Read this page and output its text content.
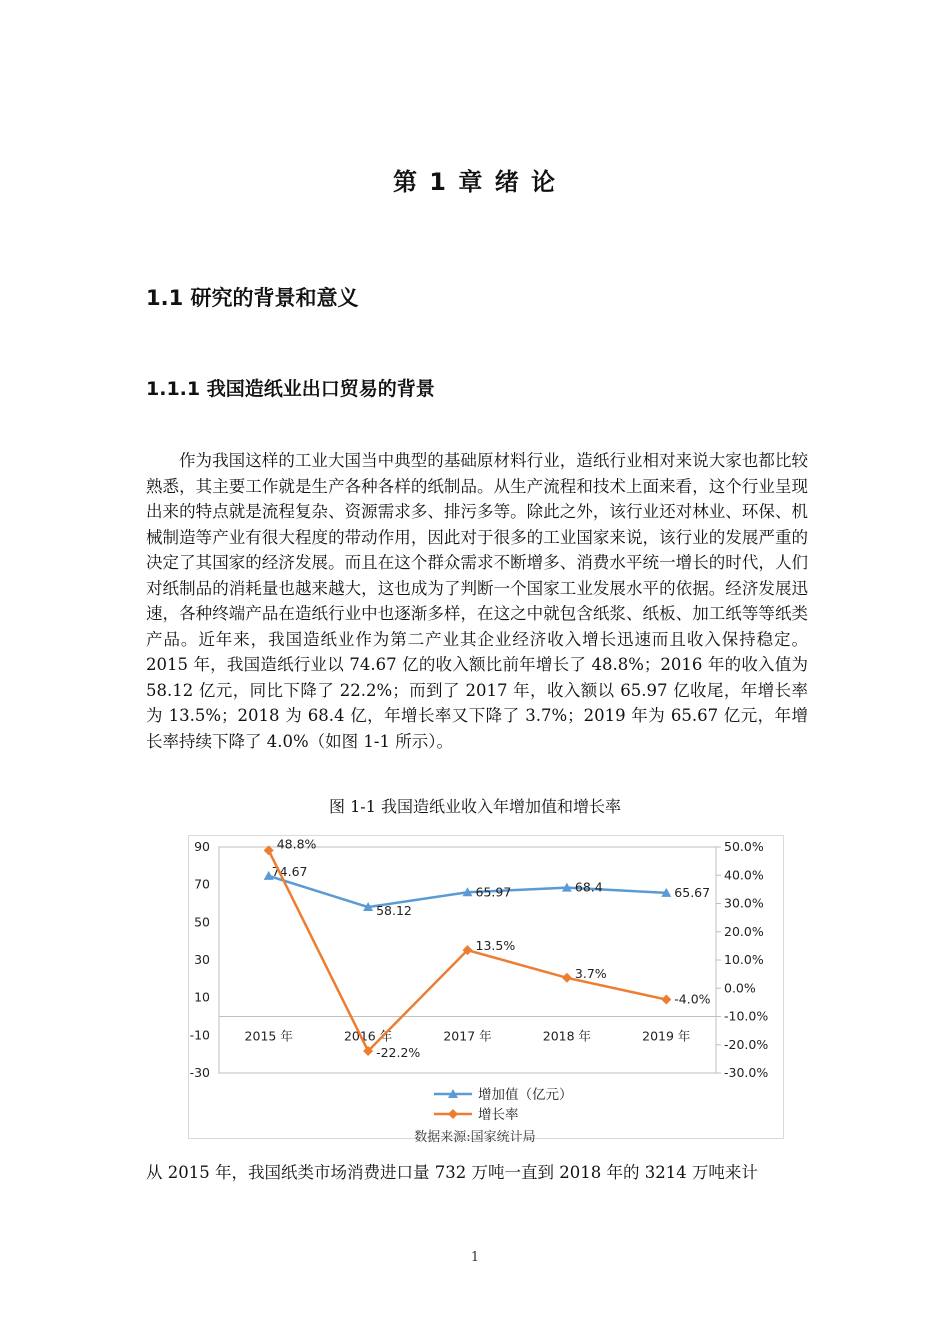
第 1 章 绪 论
1.1 研究的背景和意义
1.1.1 我国造纸业出口贸易的背景

作为我国这样的工业大国当中典型的基础原材料行业，造纸行业相对来说大家也都比较熟悉，其主要工作就是生产各种各样的纸制品。从生产流程和技术上面来看，这个行业呈现出来的特点就是流程复杂、资源需求多、排污多等。除此之外，该行业还对林业、环保、机械制造等产业有很大程度的带动作用，因此对于很多的工业国家来说，该行业的发展严重的决定了其国家的经济发展。而且在这个群众需求不断增多、消费水平统一增长的时代，人们对纸制品的消耗量也越来越大，这也成为了判断一个国家工业发展水平的依据。经济发展迅速，各种终端产品在造纸行业中也逐渐多样，在这之中就包含纸浆、纸板、加工纸等等纸类产品。近年来，我国造纸业作为第二产业其企业经济收入增长迅速而且收入保持稳定。2015 年，我国造纸行业以 74.67 亿的收入额比前年增长了 48.8%；2016 年的收入值为 58.12 亿元，同比下降了 22.2%；而到了 2017 年，收入额以 65.97 亿收尾，年增长率为 13.5%；2018 为 68.4 亿，年增长率又下降了 3.7%；2019 年为 65.67 亿元，年增长率持续下降了 4.0%（如图 1-1 所示）。

图 1-1 我国造纸业收入年增加值和增长率

90
70
50
30
10
-10
-30
50.0%
40.0%
30.0%
20.0%
10.0%
0.0%
-10.0%
-20.0%
-30.0%
2015 年	2016 年	2017 年	2018 年	2019 年
74.67
58.12
65.97	68.4	65.67
48.8%
-22.2%
13.5%
3.7%
-4.0%
增加值（亿元）
增长率
数据来源:国家统计局

从 2015 年，我国纸类市场消费进口量 732 万吨一直到 2018 年的 3214 万吨来计

1
